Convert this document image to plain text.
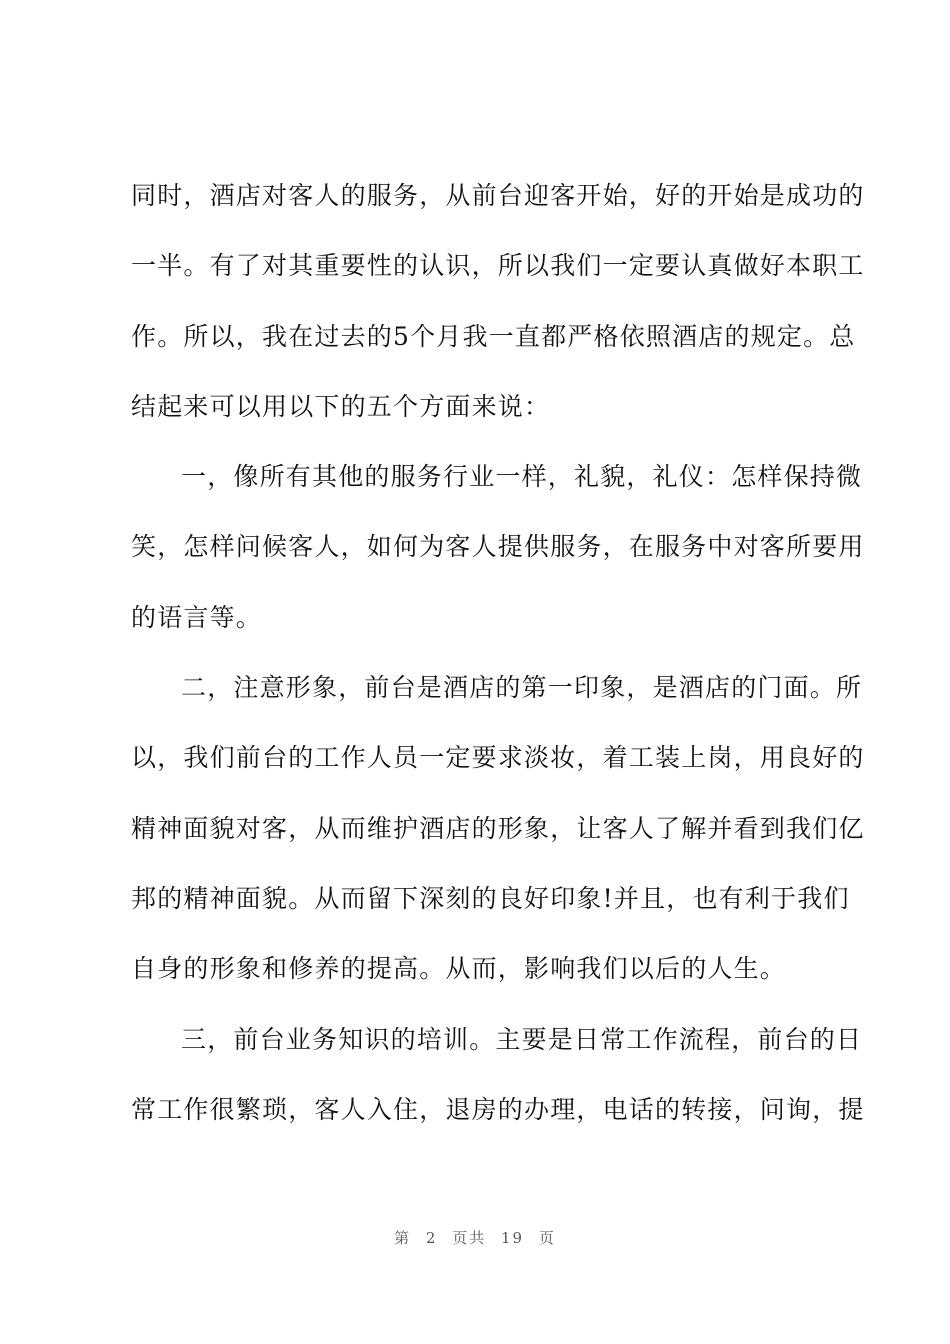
同时，酒店对客人的服务，从前台迎客开始，好的开始是成功的
一半。有了对其重要性的认识，所以我们一定要认真做好本职工
作。所以，我在过去的5个月我一直都严格依照酒店的规定。总
结起来可以用以下的五个方面来说：
一，像所有其他的服务行业一样，礼貌，礼仪：怎样保持微
笑，怎样问候客人，如何为客人提供服务，在服务中对客所要用
的语言等。
二，注意形象，前台是酒店的第一印象，是酒店的门面。所
以，我们前台的工作人员一定要求淡妆，着工装上岗，用良好的
精神面貌对客，从而维护酒店的形象，让客人了解并看到我们亿
邦的精神面貌。从而留下深刻的良好印象!并且，也有利于我们
自身的形象和修养的提高。从而，影响我们以后的人生。
三，前台业务知识的培训。主要是日常工作流程，前台的日
常工作很繁琐，客人入住，退房的办理，电话的转接，问询，提
第 2 页共 19 页
